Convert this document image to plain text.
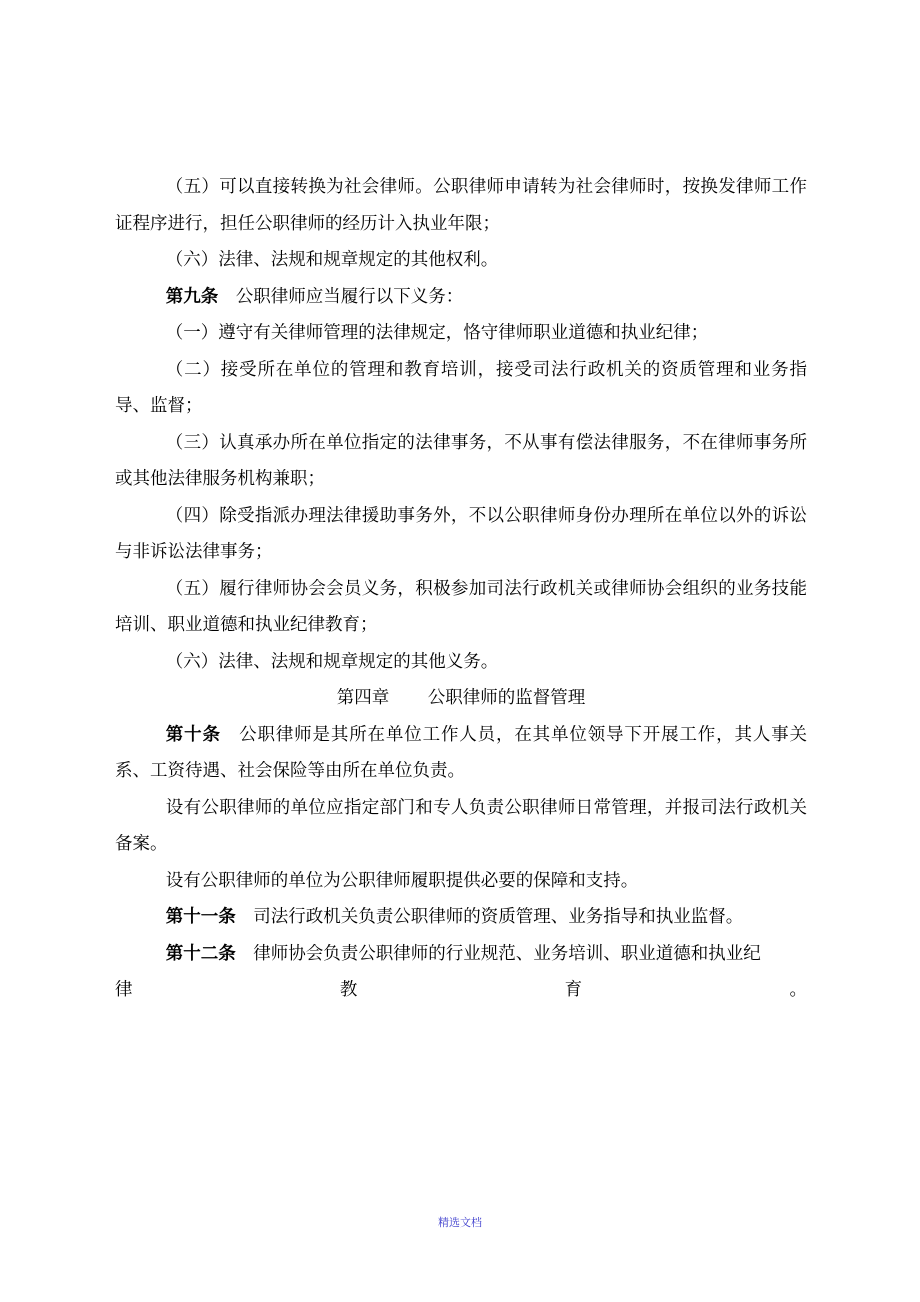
（五）可以直接转换为社会律师。公职律师申请转为社会律师时，按换发律师工作证程序进行，担任公职律师的经历计入执业年限；

（六）法律、法规和规章规定的其他权利。

第九条  公职律师应当履行以下义务：

（一）遵守有关律师管理的法律规定，恪守律师职业道德和执业纪律；

（二）接受所在单位的管理和教育培训，接受司法行政机关的资质管理和业务指导、监督；

（三）认真承办所在单位指定的法律事务，不从事有偿法律服务，不在律师事务所或其他法律服务机构兼职；

（四）除受指派办理法律援助事务外，不以公职律师身份办理所在单位以外的诉讼与非诉讼法律事务；

（五）履行律师协会会员义务，积极参加司法行政机关或律师协会组织的业务技能培训、职业道德和执业纪律教育；

（六）法律、法规和规章规定的其他义务。

第四章 公职律师的监督管理

第十条  公职律师是其所在单位工作人员，在其单位领导下开展工作，其人事关系、工资待遇、社会保险等由所在单位负责。

设有公职律师的单位应指定部门和专人负责公职律师日常管理，并报司法行政机关备案。

设有公职律师的单位为公职律师履职提供必要的保障和支持。

第十一条  司法行政机关负责公职律师的资质管理、业务指导和执业监督。

第十二条  律师协会负责公职律师的行业规范、业务培训、职业道德和执业纪

律教育。

精选文档
